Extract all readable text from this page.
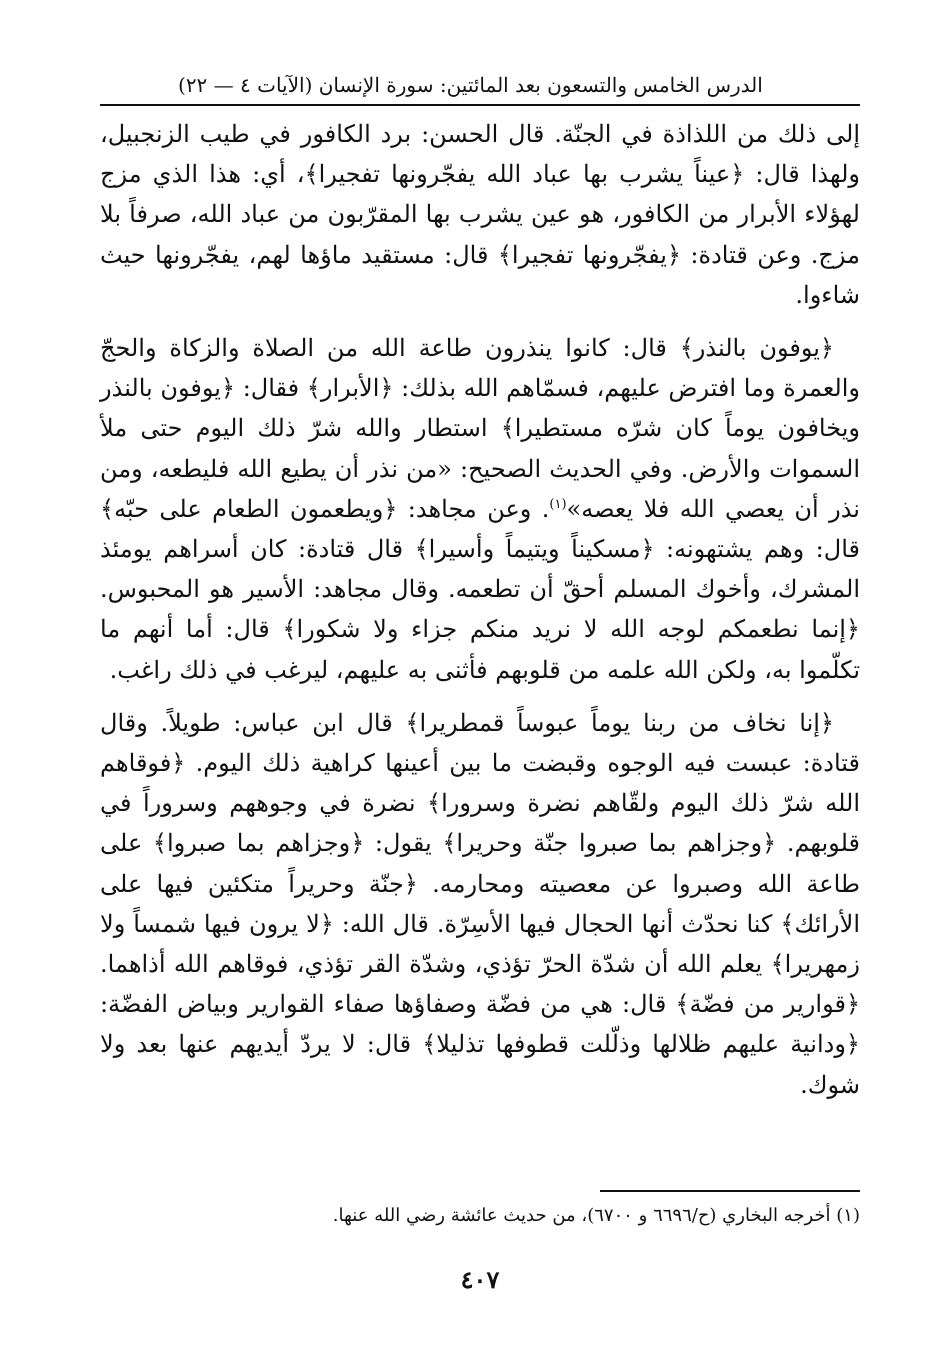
الدرس الخامس والتسعون بعد المائتين: سورة الإنسان (الآيات ٤ — ٢٢)

إلى ذلك من اللذاذة في الجنّة. قال الحسن: برد الكافور في طيب الزنجبيل، ولهذا قال: ﴿عيناً يشرب بها عباد الله يفجّرونها تفجيرا﴾، أي: هذا الذي مزج لهؤلاء الأبرار من الكافور، هو عين يشرب بها المقرّبون من عباد الله، صرفاً بلا مزج. وعن قتادة: ﴿يفجّرونها تفجيرا﴾ قال: مستقيد ماؤها لهم، يفجّرونها حيث شاءوا.

﴿يوفون بالنذر﴾ قال: كانوا ينذرون طاعة الله من الصلاة والزكاة والحجّ والعمرة وما افترض عليهم، فسمّاهم الله بذلك: ﴿الأبرار﴾ فقال: ﴿يوفون بالنذر ويخافون يوماً كان شرّه مستطيرا﴾ استطار والله شرّ ذلك اليوم حتى ملأ السموات والأرض. وفي الحديث الصحيح: «من نذر أن يطيع الله فليطعه، ومن نذر أن يعصي الله فلا يعصه»$^{(١)}$. وعن مجاهد: ﴿ويطعمون الطعام على حبّه﴾ قال: وهم يشتهونه: ﴿مسكيناً ويتيماً وأسيرا﴾ قال قتادة: كان أسراهم يومئذ المشرك، وأخوك المسلم أحقّ أن تطعمه. وقال مجاهد: الأسير هو المحبوس. ﴿إنما نطعمكم لوجه الله لا نريد منكم جزاء ولا شكورا﴾ قال: أما أنهم ما تكلّموا به، ولكن الله علمه من قلوبهم فأثنى به عليهم، ليرغب في ذلك راغب.

﴿إنا نخاف من ربنا يوماً عبوساً قمطريرا﴾ قال ابن عباس: طويلاً. وقال قتادة: عبست فيه الوجوه وقبضت ما بين أعينها كراهية ذلك اليوم. ﴿فوقاهم الله شرّ ذلك اليوم ولقّاهم نضرة وسرورا﴾ نضرة في وجوههم وسروراً في قلوبهم. ﴿وجزاهم بما صبروا جنّة وحريرا﴾ يقول: ﴿وجزاهم بما صبروا﴾ على طاعة الله وصبروا عن معصيته ومحارمه. ﴿جنّة وحريراً متكئين فيها على الأرائك﴾ كنا نحدّث أنها الحجال فيها الأسِرّة. قال الله: ﴿لا يرون فيها شمساً ولا زمهريرا﴾ يعلم الله أن شدّة الحرّ تؤذي، وشدّة القر تؤذي، فوقاهم الله أذاهما. ﴿قوارير من فضّة﴾ قال: هي من فضّة وصفاؤها صفاء القوارير وبياض الفضّة: ﴿ودانية عليهم ظلالها وذلّلت قطوفها تذليلا﴾ قال: لا يردّ أيديهم عنها بعد ولا شوك.

(١) أخرجه البخاري (ح/٦٦٩٦ و ٦٧٠٠)، من حديث عائشة رضي الله عنها.
٤٠٧
